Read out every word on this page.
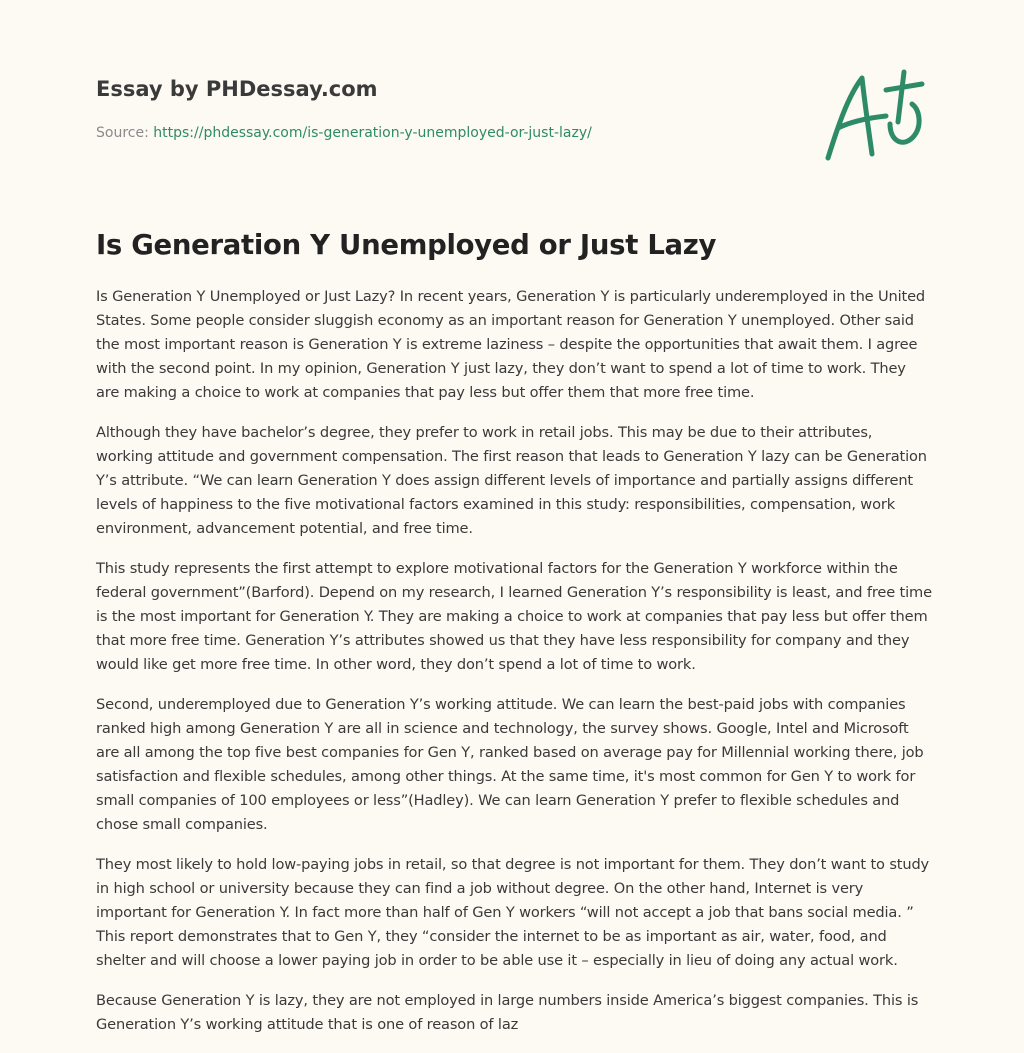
Essay by PHDessay.com
Source: https://phdessay.com/is-generation-y-unemployed-or-just-lazy/
Is Generation Y Unemployed or Just Lazy

Is Generation Y Unemployed or Just Lazy? In recent years, Generation Y is particularly underemployed in the United States. Some people consider sluggish economy as an important reason for Generation Y unemployed. Other said the most important reason is Generation Y is extreme laziness – despite the opportunities that await them. I agree with the second point. In my opinion, Generation Y just lazy, they don’t want to spend a lot of time to work. They are making a choice to work at companies that pay less but offer them that more free time.

Although they have bachelor’s degree, they prefer to work in retail jobs. This may be due to their attributes, working attitude and government compensation. The first reason that leads to Generation Y lazy can be Generation Y’s attribute. “We can learn Generation Y does assign different levels of importance and partially assigns different levels of happiness to the five motivational factors examined in this study: responsibilities, compensation, work environment, advancement potential, and free time.

This study represents the first attempt to explore motivational factors for the Generation Y workforce within the federal government”(Barford). Depend on my research, I learned Generation Y’s responsibility is least, and free time is the most important for Generation Y. They are making a choice to work at companies that pay less but offer them that more free time. Generation Y’s attributes showed us that they have less responsibility for company and they would like get more free time. In other word, they don’t spend a lot of time to work.

Second, underemployed due to Generation Y’s working attitude. We can learn the best-paid jobs with companies ranked high among Generation Y are all in science and technology, the survey shows. Google, Intel and Microsoft are all among the top five best companies for Gen Y, ranked based on average pay for Millennial working there, job satisfaction and flexible schedules, among other things. At the same time, it's most common for Gen Y to work for small companies of 100 employees or less”(Hadley). We can learn Generation Y prefer to flexible schedules and chose small companies.

They most likely to hold low-paying jobs in retail, so that degree is not important for them. They don’t want to study in high school or university because they can find a job without degree. On the other hand, Internet is very important for Generation Y. In fact more than half of Gen Y workers “will not accept a job that bans social media. ” This report demonstrates that to Gen Y, they “consider the internet to be as important as air, water, food, and shelter and will choose a lower paying job in order to be able use it – especially in lieu of doing any actual work.

Because Generation Y is lazy, they are not employed in large numbers inside America’s biggest companies. This is Generation Y’s working attitude that is one of reason of laz
